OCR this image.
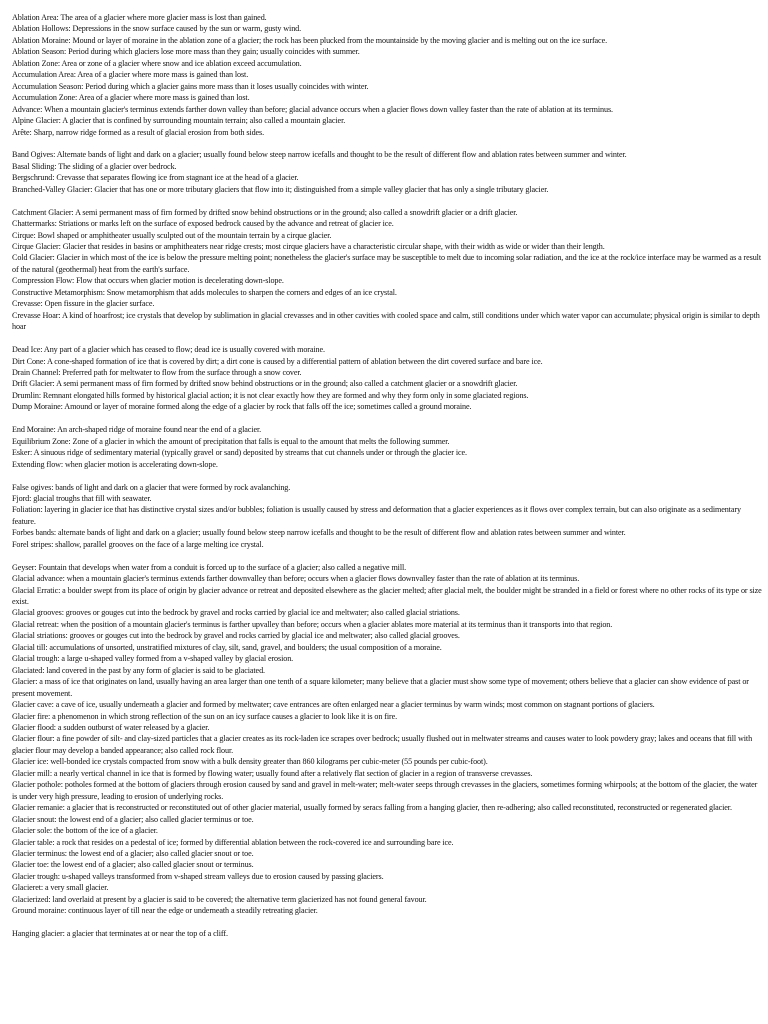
Ablation Area: The area of a glacier where more glacier mass is lost than gained.
Ablation Hollows: Depressions in the snow surface caused by the sun or warm, gusty wind.
Ablation Moraine: Mound or layer of moraine in the ablation zone of a glacier; the rock has been plucked from the mountainside by the moving glacier and is melting out on the ice surface.
Ablation Season: Period during which glaciers lose more mass than they gain; usually coincides with summer.
Ablation Zone: Area or zone of a glacier where snow and ice ablation exceed accumulation.
Accumulation Area: Area of a glacier where more mass is gained than lost.
Accumulation Season: Period during which a glacier gains more mass than it loses usually coincides with winter.
Accumulation Zone: Area of a glacier where more mass is gained than lost.
Advance: When a mountain glacier's terminus extends farther down valley than before; glacial advance occurs when a glacier flows down valley faster than the rate of ablation at its terminus.
Alpine Glacier: A glacier that is confined by surrounding mountain terrain; also called a mountain glacier.
Arête: Sharp, narrow ridge formed as a result of glacial erosion from both sides.
Band Ogives: Alternate bands of light and dark on a glacier; usually found below steep narrow icefalls and thought to be the result of different flow and ablation rates between summer and winter.
Basal Sliding: The sliding of a glacier over bedrock.
Bergschrund: Crevasse that separates flowing ice from stagnant ice at the head of a glacier.
Branched-Valley Glacier: Glacier that has one or more tributary glaciers that flow into it; distinguished from a simple valley glacier that has only a single tributary glacier.
Catchment Glacier: A semi permanent mass of firn formed by drifted snow behind obstructions or in the ground; also called a snowdrift glacier or a drift glacier.
Chattermarks: Striations or marks left on the surface of exposed bedrock caused by the advance and retreat of glacier ice.
Cirque: Bowl shaped or amphitheater usually sculpted out of the mountain terrain by a cirque glacier.
Cirque Glacier: Glacier that resides in basins or amphitheaters near ridge crests; most cirque glaciers have a characteristic circular shape, with their width as wide or wider than their length.
Cold Glacier: Glacier in which most of the ice is below the pressure melting point; nonetheless the glacier's surface may be susceptible to melt due to incoming solar radiation, and the ice at the rock/ice interface may be warmed as a result of the natural (geothermal) heat from the earth's surface.
Compression Flow: Flow that occurs when glacier motion is decelerating down-slope.
Constructive Metamorphism: Snow metamorphism that adds molecules to sharpen the corners and edges of an ice crystal.
Crevasse: Open fissure in the glacier surface.
Crevasse Hoar: A kind of hoarfrost; ice crystals that develop by sublimation in glacial crevasses and in other cavities with cooled space and calm, still conditions under which water vapor can accumulate; physical origin is similar to depth hoar
Dead Ice: Any part of a glacier which has ceased to flow; dead ice is usually covered with moraine.
Dirt Cone: A cone-shaped formation of ice that is covered by dirt; a dirt cone is caused by a differential pattern of ablation between the dirt covered surface and bare ice.
Drain Channel: Preferred path for meltwater to flow from the surface through a snow cover.
Drift Glacier: A semi permanent mass of firn formed by drifted snow behind obstructions or in the ground; also called a catchment glacier or a snowdrift glacier.
Drumlin: Remnant elongated hills formed by historical glacial action; it is not clear exactly how they are formed and why they form only in some glaciated regions.
Dump Moraine: Amound or layer of moraine formed along the edge of a glacier by rock that falls off the ice; sometimes called a ground moraine.
End Moraine: An arch-shaped ridge of moraine found near the end of a glacier.
Equilibrium Zone: Zone of a glacier in which the amount of precipitation that falls is equal to the amount that melts the following summer.
Esker: A sinuous ridge of sedimentary material (typically gravel or sand) deposited by streams that cut channels under or through the glacier ice.
Extending flow: when glacier motion is accelerating down-slope.
False ogives: bands of light and dark on a glacier that were formed by rock avalanching.
Fjord: glacial troughs that fill with seawater.
Foliation: layering in glacier ice that has distinctive crystal sizes and/or bubbles; foliation is usually caused by stress and deformation that a glacier experiences as it flows over complex terrain, but can also originate as a sedimentary feature.
Forbes bands: alternate bands of light and dark on a glacier; usually found below steep narrow icefalls and thought to be the result of different flow and ablation rates between summer and winter.
Forel stripes: shallow, parallel grooves on the face of a large melting ice crystal.
Geyser: Fountain that develops when water from a conduit is forced up to the surface of a glacier; also called a negative mill.
Glacial advance: when a mountain glacier's terminus extends farther downvalley than before; occurs when a glacier flows downvalley faster than the rate of ablation at its terminus.
Glacial Erratic: a boulder swept from its place of origin by glacier advance or retreat and deposited elsewhere as the glacier melted; after glacial melt, the boulder might be stranded in a field or forest where no other rocks of its type or size exist.
Glacial grooves: grooves or gouges cut into the bedrock by gravel and rocks carried by glacial ice and meltwater; also called glacial striations.
Glacial retreat: when the position of a mountain glacier's terminus is farther upvalley than before; occurs when a glacier ablates more material at its terminus than it transports into that region.
Glacial striations: grooves or gouges cut into the bedrock by gravel and rocks carried by glacial ice and meltwater; also called glacial grooves.
Glacial till: accumulations of unsorted, unstratified mixtures of clay, silt, sand, gravel, and boulders; the usual composition of a moraine.
Glacial trough: a large u-shaped valley formed from a v-shaped valley by glacial erosion.
Glaciated: land covered in the past by any form of glacier is said to be glaciated.
Glacier: a mass of ice that originates on land, usually having an area larger than one tenth of a square kilometer; many believe that a glacier must show some type of movement; others believe that a glacier can show evidence of past or present movement.
Glacier cave: a cave of ice, usually underneath a glacier and formed by meltwater; cave entrances are often enlarged near a glacier terminus by warm winds; most common on stagnant portions of glaciers.
Glacier fire: a phenomenon in which strong reflection of the sun on an icy surface causes a glacier to look like it is on fire.
Glacier flood: a sudden outburst of water released by a glacier.
Glacier flour: a fine powder of silt- and clay-sized particles that a glacier creates as its rock-laden ice scrapes over bedrock; usually flushed out in meltwater streams and causes water to look powdery gray; lakes and oceans that fill with glacier flour may develop a banded appearance; also called rock flour.
Glacier ice: well-bonded ice crystals compacted from snow with a bulk density greater than 860 kilograms per cubic-meter (55 pounds per cubic-foot).
Glacier mill: a nearly vertical channel in ice that is formed by flowing water; usually found after a relatively flat section of glacier in a region of transverse crevasses.
Glacier pothole: potholes formed at the bottom of glaciers through erosion caused by sand and gravel in melt-water; melt-water seeps through crevasses in the glaciers, sometimes forming whirpools; at the bottom of the glacier, the water is under very high pressure, leading to erosion of underlying rocks.
Glacier remanie: a glacier that is reconstructed or reconstituted out of other glacier material, usually formed by seracs falling from a hanging glacier, then re-adhering; also called reconstituted, reconstructed or regenerated glacier.
Glacier snout: the lowest end of a glacier; also called glacier terminus or toe.
Glacier sole: the bottom of the ice of a glacier.
Glacier table: a rock that resides on a pedestal of ice; formed by differential ablation between the rock-covered ice and surrounding bare ice.
Glacier terminus: the lowest end of a glacier; also called glacier snout or toe.
Glacier toe: the lowest end of a glacier; also called glacier snout or terminus.
Glacier trough: u-shaped valleys transformed from v-shaped stream valleys due to erosion caused by passing glaciers.
Glacieret: a very small glacier.
Glacierized: land overlaid at present by a glacier is said to be covered; the alternative term glacierized has not found general favour.
Ground moraine: continuous layer of till near the edge or underneath a steadily retreating glacier.
Hanging glacier: a glacier that terminates at or near the top of a cliff.
